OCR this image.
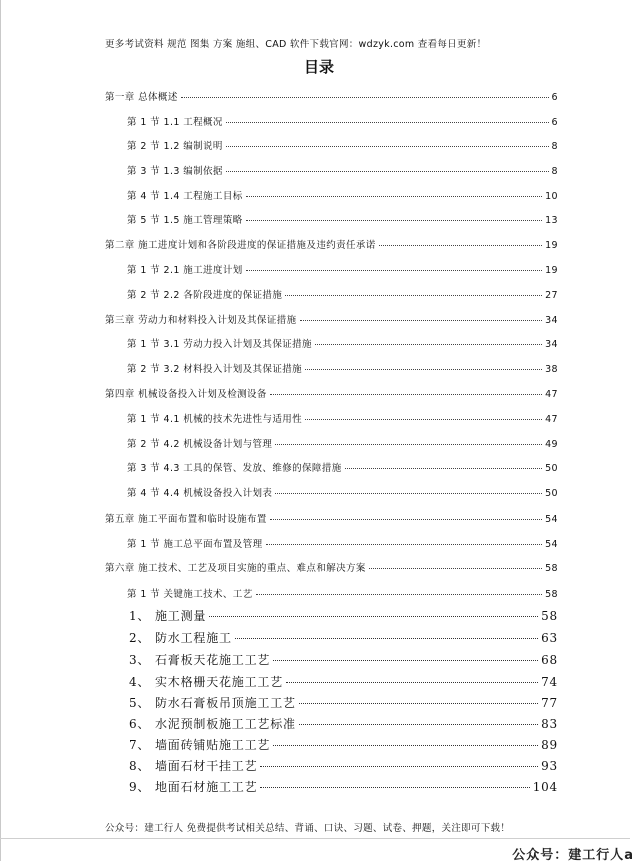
更多考试资料 规范 图集 方案 施组、CAD 软件下载官网：wdzyk.com 查看每日更新！
目录
第一章 总体概述	6
第 1 节 1.1 工程概况	6
第 2 节 1.2 编制说明	8
第 3 节 1.3 编制依据	8
第 4 节 1.4 工程施工目标	10
第 5 节 1.5 施工管理策略	13
第二章 施工进度计划和各阶段进度的保证措施及违约责任承诺	19
第 1 节 2.1 施工进度计划	19
第 2 节 2.2 各阶段进度的保证措施	27
第三章 劳动力和材料投入计划及其保证措施	34
第 1 节 3.1 劳动力投入计划及其保证措施	34
第 2 节 3.2 材料投入计划及其保证措施	38
第四章 机械设备投入计划及检测设备	47
第 1 节 4.1 机械的技术先进性与适用性	47
第 2 节 4.2 机械设备计划与管理	49
第 3 节 4.3 工具的保管、发放、维修的保障措施	50
第 4 节 4.4 机械设备投入计划表	50
第五章 施工平面布置和临时设施布置	54
第 1 节 施工总平面布置及管理	54
第六章 施工技术、工艺及项目实施的重点、难点和解决方案	58
第 1 节 关键施工技术、工艺	58
1、 施工测量	58
2、 防水工程施工	63
3、 石膏板天花施工工艺	68
4、 实木格栅天花施工工艺	74
5、 防水石膏板吊顶施工工艺	77
6、 水泥预制板施工工艺标准	83
7、 墙面砖铺贴施工工艺	89
8、 墙面石材干挂工艺	93
9、 地面石材施工工艺	104
公众号：建工行人 免费提供考试相关总结、背诵、口诀、习题、试卷、押题，关注即可下载！
公众号：建工行人a
